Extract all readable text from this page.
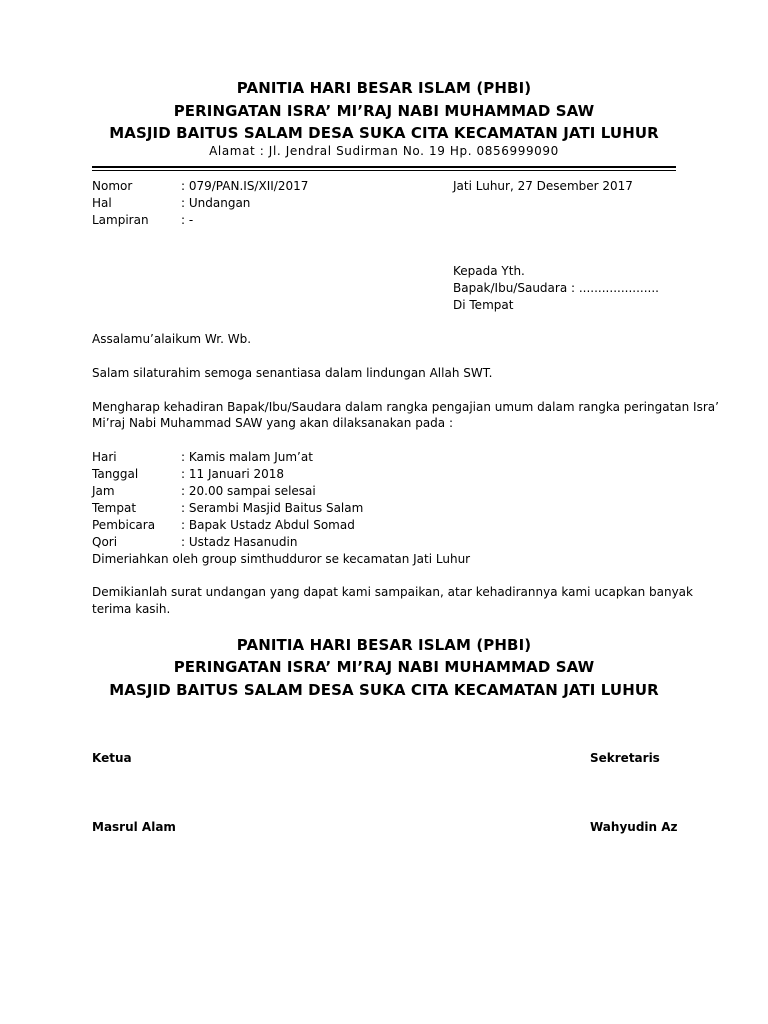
PANITIA HARI BESAR ISLAM (PHBI)
PERINGATAN ISRA’ MI’RAJ NABI MUHAMMAD SAW
MASJID BAITUS SALAM DESA SUKA CITA KECAMATAN JATI LUHUR
Alamat : Jl. Jendral Sudirman No. 19 Hp. 0856999090
Nomor	: 079/PAN.IS/XII/2017	Jati Luhur, 27 Desember 2017
Hal	: Undangan
Lampiran	: -
Kepada Yth.
Bapak/Ibu/Saudara : .....................
Di Tempat
Assalamu’alaikum Wr. Wb.
Salam silaturahim semoga senantiasa dalam lindungan Allah SWT.
Mengharap kehadiran Bapak/Ibu/Saudara dalam rangka pengajian umum dalam rangka peringatan Isra’
Mi’raj Nabi Muhammad SAW yang akan dilaksanakan pada :
Hari	: Kamis malam Jum’at
Tanggal	: 11 Januari 2018
Jam	: 20.00 sampai selesai
Tempat	: Serambi Masjid Baitus Salam
Pembicara : Bapak Ustadz Abdul Somad
Qori	: Ustadz Hasanudin
Dimeriahkan oleh group simthudduror se kecamatan Jati Luhur
Demikianlah surat undangan yang dapat kami sampaikan, atar kehadirannya kami ucapkan banyak
terima kasih.
PANITIA HARI BESAR ISLAM (PHBI)
PERINGATAN ISRA’ MI’RAJ NABI MUHAMMAD SAW
MASJID BAITUS SALAM DESA SUKA CITA KECAMATAN JATI LUHUR
Ketua	Sekretaris
Masrul Alam	Wahyudin Az
